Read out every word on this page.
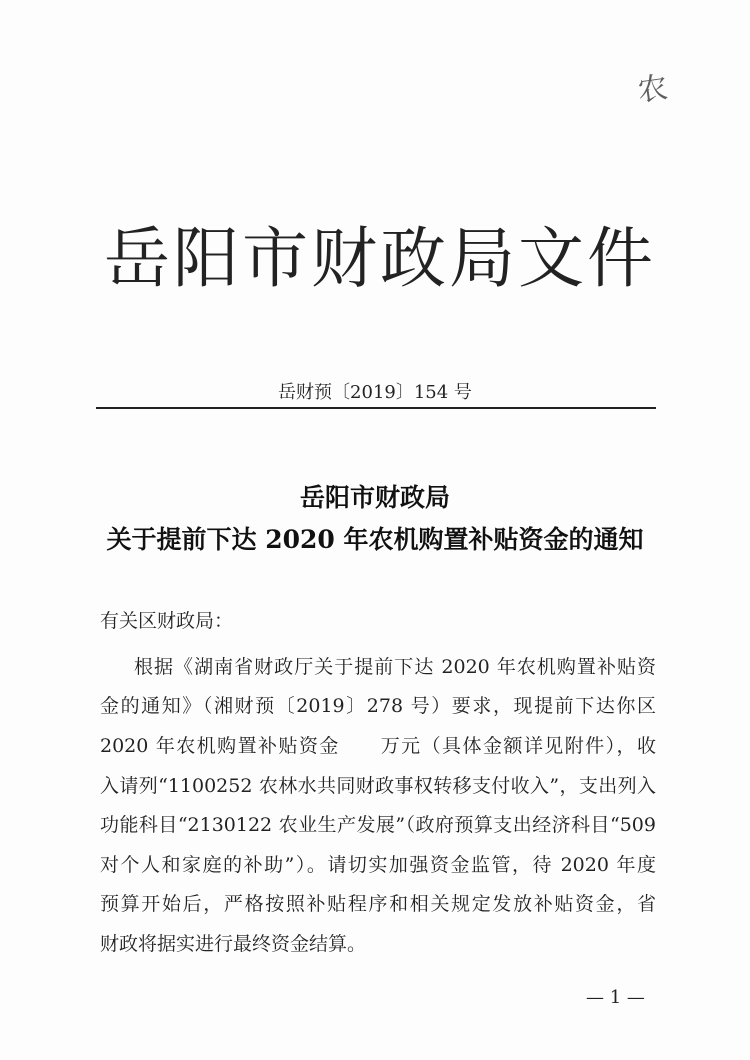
农
岳阳市财政局文件
岳财预〔2019〕154 号
岳阳市财政局
关于提前下达 2020 年农机购置补贴资金的通知
有关区财政局：
根据《湖南省财政厅关于提前下达 2020 年农机购置补贴资
金的通知》（湘财预〔2019〕278 号）要求，现提前下达你区
2020 年农机购置补贴资金　　万元（具体金额详见附件），收
入请列“1100252 农林水共同财政事权转移支付收入”，支出列入
功能科目“2130122 农业生产发展”（政府预算支出经济科目“509
对个人和家庭的补助”）。请切实加强资金监管，待 2020 年度
预算开始后，严格按照补贴程序和相关规定发放补贴资金，省
财政将据实进行最终资金结算。
— 1 —
